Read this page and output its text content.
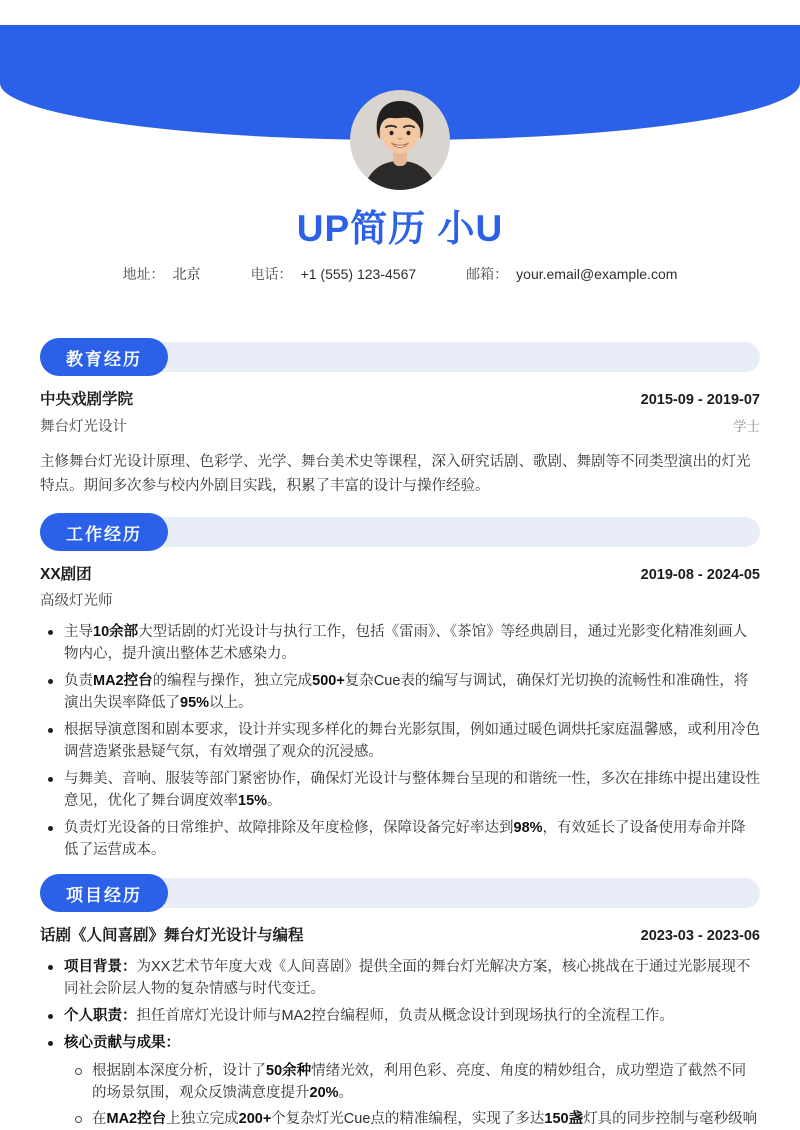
UP简历 小U
地址： 北京	电话： +1 (555) 123-4567	邮箱： your.email@example.com
教育经历
中央戏剧学院	2015-09 - 2019-07
舞台灯光设计	学士

主修舞台灯光设计原理、色彩学、光学、舞台美术史等课程，深入研究话剧、歌剧、舞剧等不同类型演出的灯光特点。期间多次参与校内外剧目实践，积累了丰富的设计与操作经验。

工作经历
XX剧团	2019-08 - 2024-05
高级灯光师
主导10余部大型话剧的灯光设计与执行工作，包括《雷雨》、《茶馆》等经典剧目，通过光影变化精准刻画人物内心，提升演出整体艺术感染力。
负责MA2控台的编程与操作，独立完成500+复杂Cue表的编写与调试，确保灯光切换的流畅性和准确性，将演出失误率降低了95%以上。
根据导演意图和剧本要求，设计并实现多样化的舞台光影氛围，例如通过暖色调烘托家庭温馨感，或利用冷色调营造紧张悬疑气氛，有效增强了观众的沉浸感。
与舞美、音响、服装等部门紧密协作，确保灯光设计与整体舞台呈现的和谐统一性，多次在排练中提出建设性意见，优化了舞台调度效率15%。
负责灯光设备的日常维护、故障排除及年度检修，保障设备完好率达到98%，有效延长了设备使用寿命并降低了运营成本。
项目经历
话剧《人间喜剧》舞台灯光设计与编程	2023-03 - 2023-06
项目背景：为XX艺术节年度大戏《人间喜剧》提供全面的舞台灯光解决方案，核心挑战在于通过光影展现不同社会阶层人物的复杂情感与时代变迁。
个人职责：担任首席灯光设计师与MA2控台编程师，负责从概念设计到现场执行的全流程工作。
核心贡献与成果：
根据剧本深度分析，设计了50余种情绪光效，利用色彩、亮度、角度的精妙组合，成功塑造了截然不同的场景氛围，观众反馈满意度提升20%。
在MA2控台上独立完成200+个复杂灯光Cue点的精准编程，实现了多达150盏灯具的同步控制与毫秒级响
